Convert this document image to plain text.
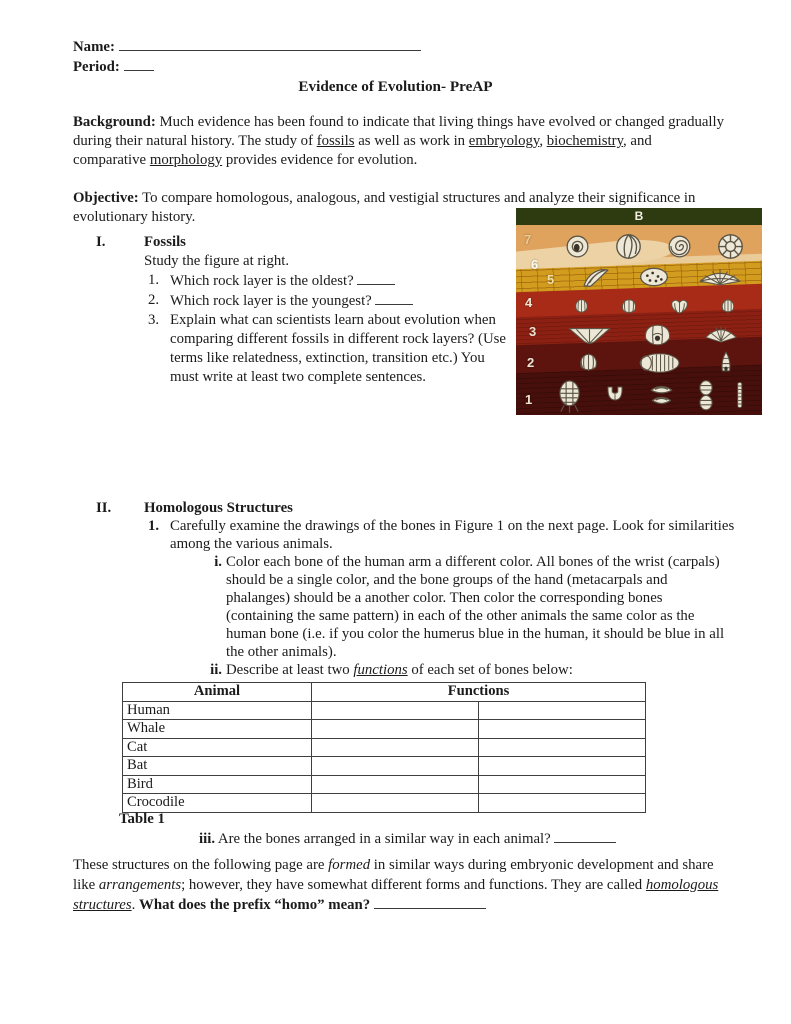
Name:
Period:
Evidence of Evolution- PreAP
Background: Much evidence has been found to indicate that living things have evolved or changed gradually during their natural history. The study of fossils as well as work in embryology, biochemistry, and comparative morphology provides evidence for evolution.
Objective: To compare homologous, analogous, and vestigial structures and analyze their significance in evolutionary history.	B
7
6
5
4
3
2
1
I.	Fossils
Study the figure at right.
1. Which rock layer is the oldest?
2. Which rock layer is the youngest?
3. Explain what can scientists learn about evolution when comparing different fossils in different rock layers? (Use terms like relatedness, extinction, transition etc.) You must write at least two complete sentences.
II.	Homologous Structures
1. Carefully examine the drawings of the bones in Figure 1 on the next page. Look for similarities among the various animals.
i. Color each bone of the human arm a different color. All bones of the wrist (carpals) should be a single color, and the bone groups of the hand (metacarpals and phalanges) should be a another color. Then color the corresponding bones (containing the same pattern) in each of the other animals the same color as the human bone (i.e. if you color the humerus blue in the human, it should be blue in all the other animals).
ii. Describe at least two functions of each set of bones below:
Animal	Functions	
Human		
Whale		
Cat		
Bat		
Bird		
Crocodile		
Table 1
iii. Are the bones arranged in a similar way in each animal?
These structures on the following page are formed in similar ways during embryonic development and share like arrangements; however, they have somewhat different forms and functions. They are called homologous structures. What does the prefix “homo” mean?
